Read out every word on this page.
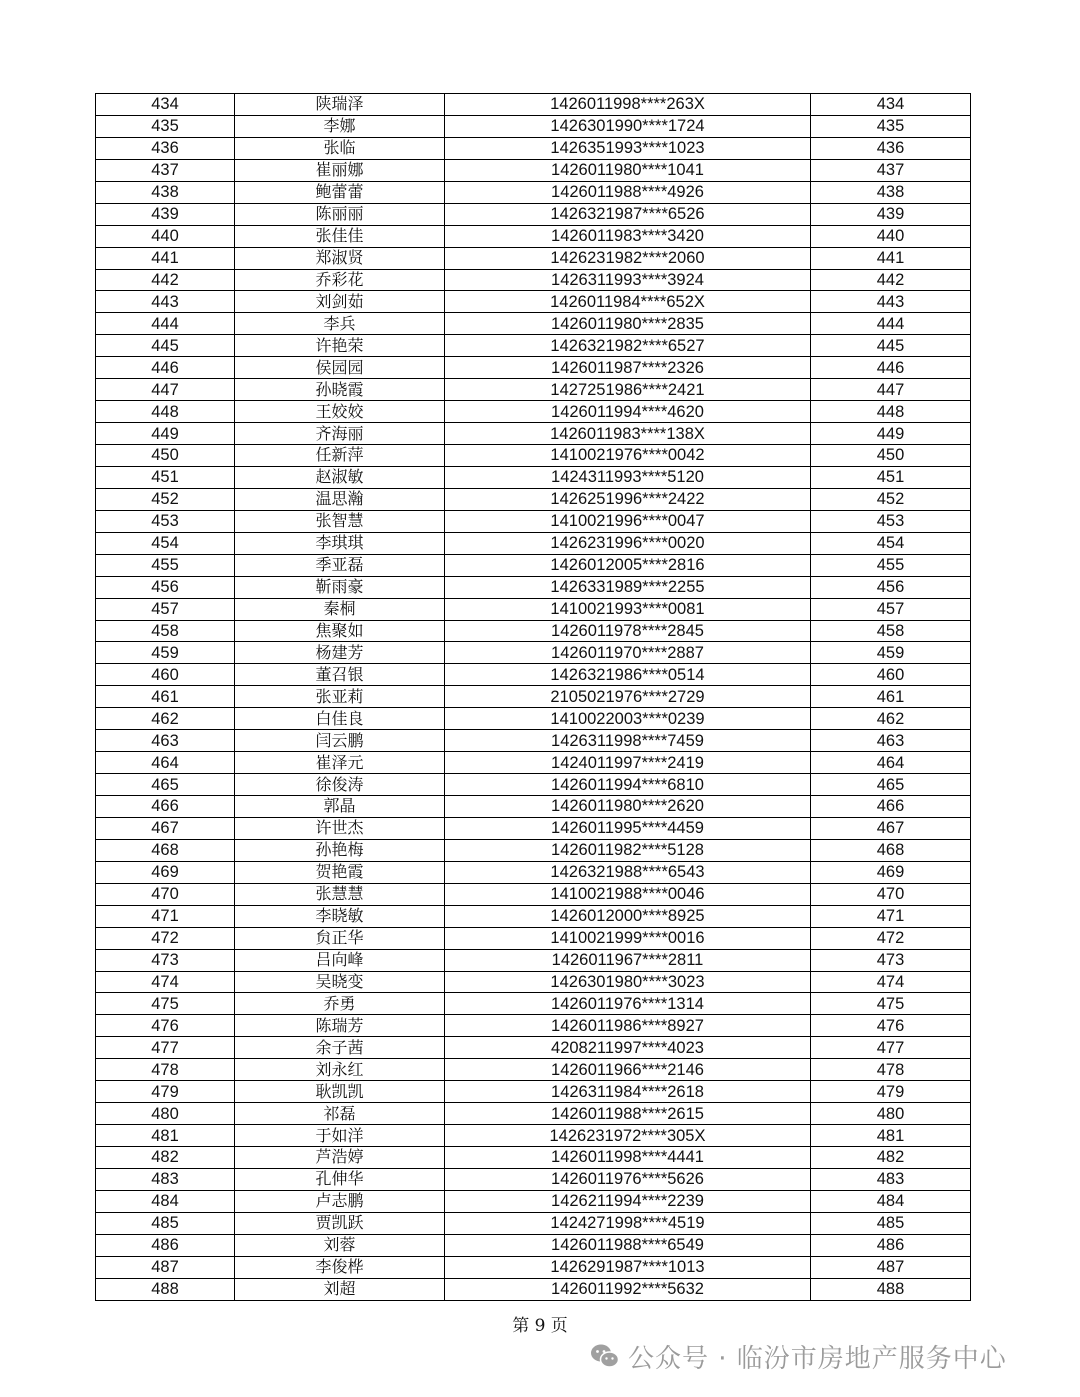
434	陕瑞泽	1426011998****263X	434
435	李娜	1426301990****1724	435
436	张临	1426351993****1023	436
437	崔丽娜	1426011980****1041	437
438	鲍蕾蕾	1426011988****4926	438
439	陈丽丽	1426321987****6526	439
440	张佳佳	1426011983****3420	440
441	郑淑贤	1426231982****2060	441
442	乔彩花	1426311993****3924	442
443	刘剑茹	1426011984****652X	443
444	李兵	1426011980****2835	444
445	许艳荣	1426321982****6527	445
446	侯园园	1426011987****2326	446
447	孙晓霞	1427251986****2421	447
448	王姣姣	1426011994****4620	448
449	齐海丽	1426011983****138X	449
450	任新萍	1410021976****0042	450
451	赵淑敏	1424311993****5120	451
452	温思瀚	1426251996****2422	452
453	张智慧	1410021996****0047	453
454	李琪琪	1426231996****0020	454
455	季亚磊	1426012005****2816	455
456	靳雨豪	1426331989****2255	456
457	秦桐	1410021993****0081	457
458	焦聚如	1426011978****2845	458
459	杨建芳	1426011970****2887	459
460	董召银	1426321986****0514	460
461	张亚莉	2105021976****2729	461
462	白佳良	1410022003****0239	462
463	闫云鹏	1426311998****7459	463
464	崔泽元	1424011997****2419	464
465	徐俊涛	1426011994****6810	465
466	郭晶	1426011980****2620	466
467	许世杰	1426011995****4459	467
468	孙艳梅	1426011982****5128	468
469	贺艳霞	1426321988****6543	469
470	张慧慧	1410021988****0046	470
471	李晓敏	1426012000****8925	471
472	贠正华	1410021999****0016	472
473	吕向峰	1426011967****2811	473
474	吴晓变	1426301980****3023	474
475	乔勇	1426011976****1314	475
476	陈瑞芳	1426011986****8927	476
477	余子茜	4208211997****4023	477
478	刘永红	1426011966****2146	478
479	耿凯凯	1426311984****2618	479
480	祁磊	1426011988****2615	480
481	于如洋	1426231972****305X	481
482	芦浩婷	1426011998****4441	482
483	孔伸华	1426011976****5626	483
484	卢志鹏	1426211994****2239	484
485	贾凯跃	1424271998****4519	485
486	刘蓉	1426011988****6549	486
487	李俊桦	1426291987****1013	487
488	刘超	1426011992****5632	488
第 9 页
公众号 · 临汾市房地产服务中心
